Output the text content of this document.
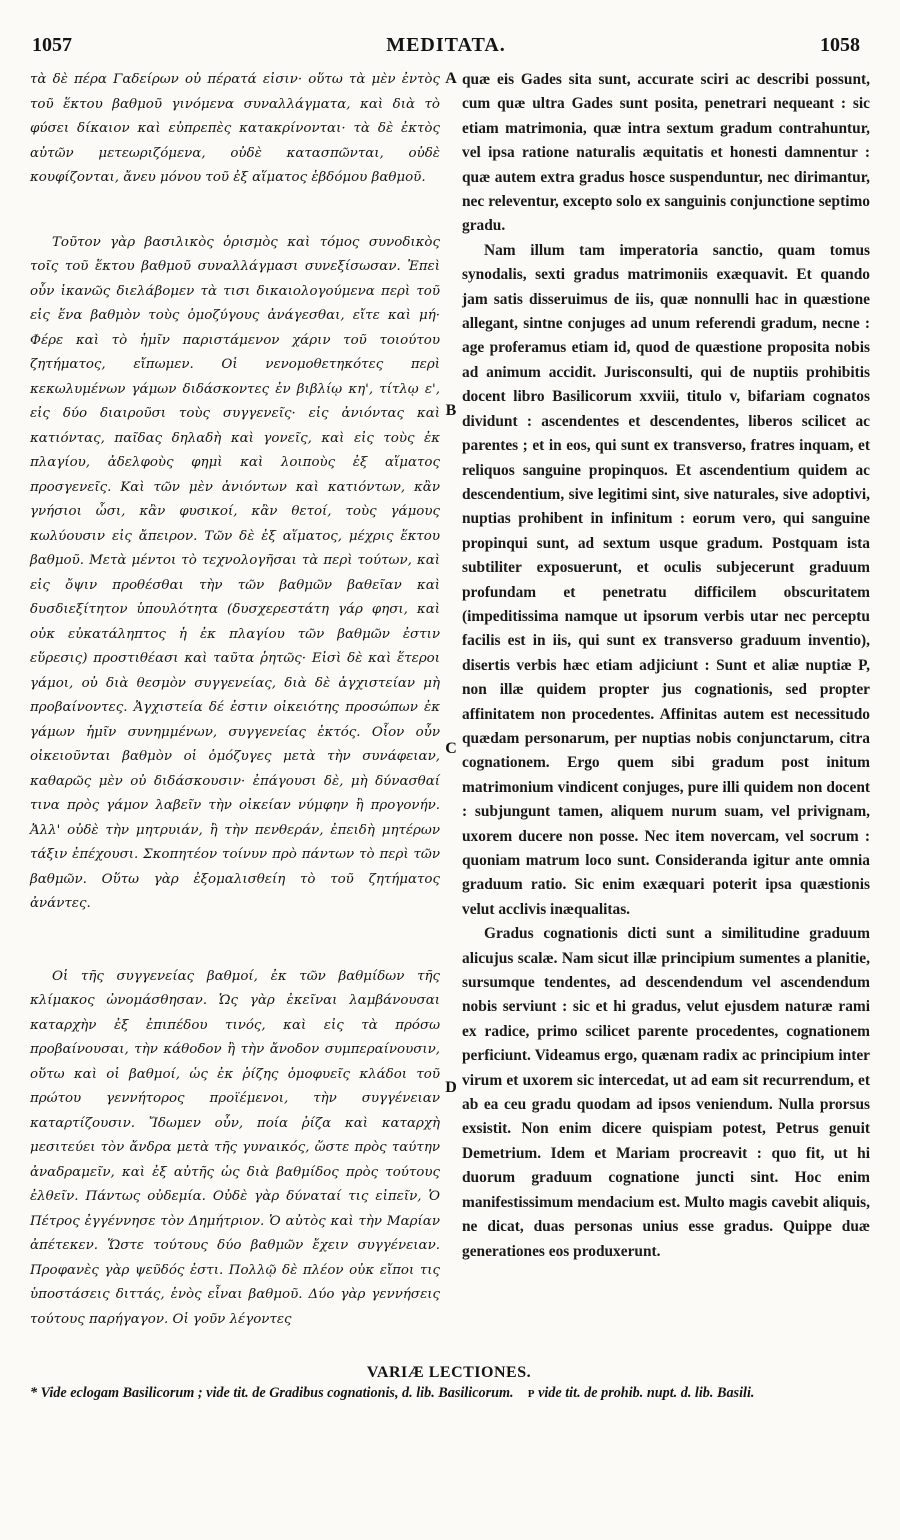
1057	MEDITATA.	1058

τὰ δὲ πέρα Γαδείρων οὐ πέρατά εἰσιν· οὕτω τὰ μὲν ἐντὸς τοῦ ἕκτου βαθμοῦ γινόμενα συναλλάγματα, καὶ διὰ τὸ φύσει δίκαιον καὶ εὐπρεπὲς κατακρίνονται· τὰ δὲ ἐκτὸς αὐτῶν μετεωριζόμενα, οὐδὲ κατασπῶνται, οὐδὲ κουφίζονται, ἄνευ μόνου τοῦ ἐξ αἵματος ἑβδόμου βαθμοῦ.

Τοῦτον γὰρ βασιλικὸς ὁρισμὸς καὶ τόμος συνοδικὸς τοῖς τοῦ ἕκτου βαθμοῦ συναλλάγμασι συνεξίσωσαν. Ἐπεὶ οὖν ἱκανῶς διελάβομεν τὰ τισι δικαιολογούμενα περὶ τοῦ εἰς ἕνα βαθμὸν τοὺς ὁμοζύγους ἀνάγεσθαι, εἴτε καὶ μή· Φέρε καὶ τὸ ἡμῖν παριστάμενον χάριν τοῦ τοιούτου ζητήματος, εἴπωμεν. Οἱ νενομοθετηκότες περὶ κεκωλυμένων γάμων διδάσκοντες ἐν βιβλίῳ κη', τίτλῳ ε', εἰς δύο διαιροῦσι τοὺς συγγενεῖς· εἰς ἀνιόντας καὶ κατιόντας, παῖδας δηλαδὴ καὶ γονεῖς, καὶ εἰς τοὺς ἐκ πλαγίου, ἀδελφοὺς φημὶ καὶ λοιποὺς ἐξ αἵματος προσγενεῖς. Καὶ τῶν μὲν ἀνιόντων καὶ κατιόντων, κἂν γνήσιοι ὦσι, κἂν φυσικοί, κἂν θετοί, τοὺς γάμους κωλύουσιν εἰς ἄπειρον. Τῶν δὲ ἐξ αἵματος, μέχρις ἕκτου βαθμοῦ. Μετὰ μέντοι τὸ τεχνολογῆσαι τὰ περὶ τούτων, καὶ εἰς ὄψιν προθέσθαι τὴν τῶν βαθμῶν βαθεῖαν καὶ δυσδιεξίτητον ὑπουλότητα (δυσχερεστάτη γάρ φησι, καὶ οὐκ εὐκατάληπτος ἡ ἐκ πλαγίου τῶν βαθμῶν ἐστιν εὕρεσις) προστιθέασι καὶ ταῦτα ῥητῶς· Εἰσὶ δὲ καὶ ἕτεροι γάμοι, οὐ διὰ θεσμὸν συγγενείας, διὰ δὲ ἀγχιστείαν μὴ προβαίνοντες. Ἀγχιστεία δέ ἐστιν οἰκειότης προσώπων ἐκ γάμων ἡμῖν συνημμένων, συγγενείας ἐκτός. Οἷον οὖν οἰκειοῦνται βαθμὸν οἱ ὁμόζυγες μετὰ τὴν συνάφειαν, καθαρῶς μὲν οὐ διδάσκουσιν· ἐπάγουσι δὲ, μὴ δύνασθαί τινα πρὸς γάμον λαβεῖν τὴν οἰκείαν νύμφην ἢ προγονήν. Ἀλλ' οὐδὲ τὴν μητρυιάν, ἢ τὴν πενθεράν, ἐπειδὴ μητέρων τάξιν ἐπέχουσι. Σκοπητέον τοίνυν πρὸ πάντων τὸ περὶ τῶν βαθμῶν. Οὕτω γὰρ ἐξομαλισθείη τὸ τοῦ ζητήματος ἀνάντες.

Οἱ τῆς συγγενείας βαθμοί, ἐκ τῶν βαθμίδων τῆς κλίμακος ὠνομάσθησαν. Ὡς γὰρ ἐκεῖναι λαμβάνουσαι καταρχὴν ἐξ ἐπιπέδου τινός, καὶ εἰς τὰ πρόσω προβαίνουσαι, τὴν κάθοδον ἢ τὴν ἄνοδον συμπεραίνουσιν, οὕτω καὶ οἱ βαθμοί, ὡς ἐκ ῥίζης ὁμοφυεῖς κλάδοι τοῦ πρώτου γεννήτορος προϊέμενοι, τὴν συγγένειαν καταρτίζουσιν. Ἴδωμεν οὖν, ποία ῥίζα καὶ καταρχὴ μεσιτεύει τὸν ἄνδρα μετὰ τῆς γυναικός, ὥστε πρὸς ταύτην ἀναδραμεῖν, καὶ ἐξ αὐτῆς ὡς διὰ βαθμίδος πρὸς τούτους ἐλθεῖν. Πάντως οὐδεμία. Οὐδὲ γὰρ δύναταί τις εἰπεῖν, Ὁ Πέτρος ἐγγέννησε τὸν Δημήτριον. Ὁ αὐτὸς καὶ τὴν Μαρίαν ἀπέτεκεν. Ὥστε τούτους δύο βαθμῶν ἔχειν συγγένειαν. Προφανὲς γὰρ ψεῦδός ἐστι. Πολλῷ δὲ πλέον οὐκ εἴποι τις ὑποστάσεις διττάς, ἑνὸς εἶναι βαθμοῦ. Δύο γὰρ γεννήσεις τούτους παρήγαγον. Οἱ γοῦν λέγοντες

A
B
C
D

quæ eis Gades sita sunt, accurate sciri ac describi possunt, cum quæ ultra Gades sunt posita, penetrari nequeant : sic etiam matrimonia, quæ intra sextum gradum contrahuntur, vel ipsa ratione naturalis æquitatis et honesti damnentur : quæ autem extra gradus hosce suspenduntur, nec dirimantur, nec releventur, excepto solo ex sanguinis conjunctione septimo gradu.

Nam illum tam imperatoria sanctio, quam tomus synodalis, sexti gradus matrimoniis exæquavit. Et quando jam satis disseruimus de iis, quæ nonnulli hac in quæstione allegant, sintne conjuges ad unum referendi gradum, necne : age proferamus etiam id, quod de quæstione proposita nobis ad animum accidit. Jurisconsulti, qui de nuptiis prohibitis docent libro Basilicorum xxviii, titulo v, bifariam cognatos dividunt : ascendentes et descendentes, liberos scilicet ac parentes ; et in eos, qui sunt ex transverso, fratres inquam, et reliquos sanguine propinquos. Et ascendentium quidem ac descendentium, sive legitimi sint, sive naturales, sive adoptivi, nuptias prohibent in infinitum : eorum vero, qui sanguine propinqui sunt, ad sextum usque gradum. Postquam ista subtiliter exposuerunt, et oculis subjecerunt graduum profundam et penetratu difficilem obscuritatem (impeditissima namque ut ipsorum verbis utar nec perceptu facilis est in iis, qui sunt ex transverso graduum inventio), disertis verbis hæc etiam adjiciunt : Sunt et aliæ nuptiæ P, non illæ quidem propter jus cognationis, sed propter affinitatem non procedentes. Affinitas autem est necessitudo quædam personarum, per nuptias nobis conjunctarum, citra cognationem. Ergo quem sibi gradum post initum matrimonium vindicent conjuges, pure illi quidem non docent : subjungunt tamen, aliquem nurum suam, vel privignam, uxorem ducere non posse. Nec item novercam, vel socrum : quoniam matrum loco sunt. Consideranda igitur ante omnia graduum ratio. Sic enim exæquari poterit ipsa quæstionis velut acclivis inæqualitas.

Gradus cognationis dicti sunt a similitudine graduum alicujus scalæ. Nam sicut illæ principium sumentes a planitie, sursumque tendentes, ad descendendum vel ascendendum nobis serviunt : sic et hi gradus, velut ejusdem naturæ rami ex radice, primo scilicet parente procedentes, cognationem perficiunt. Videamus ergo, quænam radix ac principium inter virum et uxorem sic intercedat, ut ad eam sit recurrendum, et ab ea ceu gradu quodam ad ipsos veniendum. Nulla prorsus exsistit. Non enim dicere quispiam potest, Petrus genuit Demetrium. Idem et Mariam procreavit : quo fit, ut hi duorum graduum cognatione juncti sint. Hoc enim manifestissimum mendacium est. Multo magis cavebit aliquis, ne dicat, duas personas unius esse gradus. Quippe duæ generationes eos produxerunt.

VARIÆ LECTIONES.
* Vide eclogam Basilicorum ; vide tit. de Gradibus cognationis, d. lib. Basilicorum. P vide tit. de prohib. nupt. d. lib. Basili.
